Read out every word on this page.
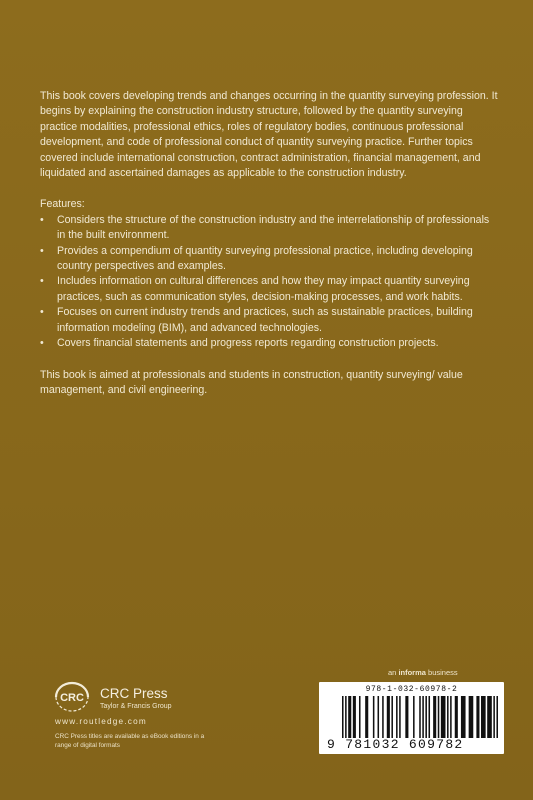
This book covers developing trends and changes occurring in the quantity surveying profession. It begins by explaining the construction industry structure, followed by the quantity surveying practice modalities, professional ethics, roles of regulatory bodies, continuous professional development, and code of professional conduct of quantity surveying practice. Further topics covered include international construction, contract administration, financial management, and liquidated and ascertained damages as applicable to the construction industry.

Features:

• Considers the structure of the construction industry and the interrelationship of professionals in the built environment.
• Provides a compendium of quantity surveying professional practice, including developing country perspectives and examples.
• Includes information on cultural differences and how they may impact quantity surveying practices, such as communication styles, decision-making processes, and work habits.
• Focuses on current industry trends and practices, such as sustainable practices, building information modeling (BIM), and advanced technologies.
• Covers financial statements and progress reports regarding construction projects.

This book is aimed at professionals and students in construction, quantity surveying/ value management, and civil engineering.

an informa business
978-1-032-60978-2
9 781032 609782
CRC CRC Press
Taylor & Francis Group
www.routledge.com
CRC Press titles are available as eBook editions in a range of digital formats
